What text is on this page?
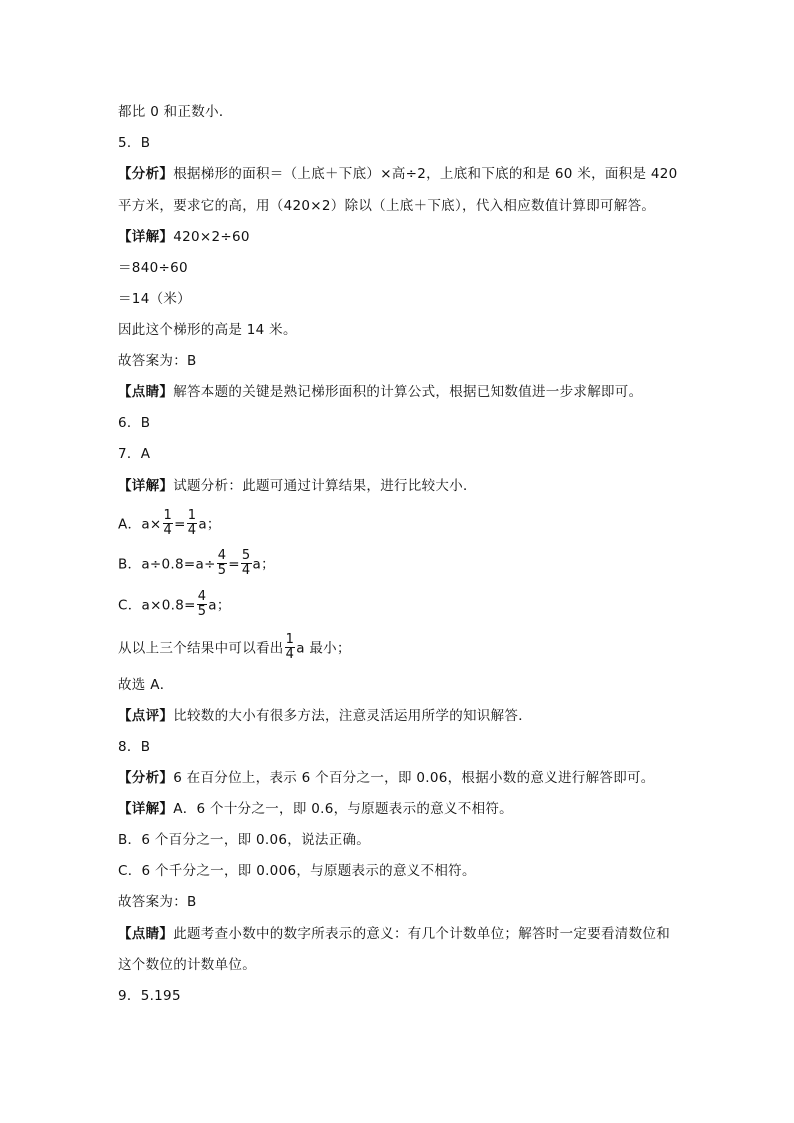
都比 0 和正数小．
5．B
【分析】根据梯形的面积＝（上底＋下底）×高÷2，上底和下底的和是 60 米，面积是 420
平方米，要求它的高，用（420×2）除以（上底＋下底），代入相应数值计算即可解答。
【详解】420×2÷60
＝840÷60
＝14（米）
因此这个梯形的高是 14 米。
故答案为：B
【点睛】解答本题的关键是熟记梯形面积的计算公式，根据已知数值进一步求解即可。
6．B
7．A
【详解】试题分析：此题可通过计算结果，进行比较大小．
A．$a\times \frac{1}{4} = \frac{1}{4}$ a；
B．$a\div 0.8=a\div \frac{4}{5} = \frac{5}{4}$ a；
C．$a\times 0.8= \frac{4}{5}$ a；
从以上三个结果中可以看出 $\frac{1}{4}$ a 最小；
故选 A．
【点评】比较数的大小有很多方法，注意灵活运用所学的知识解答．
8．B
【分析】6 在百分位上，表示 6 个百分之一，即 0.06，根据小数的意义进行解答即可。
【详解】A．6 个十分之一，即 0.6，与原题表示的意义不相符。
B．6 个百分之一，即 0.06，说法正确。
C．6 个千分之一，即 0.006，与原题表示的意义不相符。
故答案为：B
【点睛】此题考查小数中的数字所表示的意义：有几个计数单位；解答时一定要看清数位和
这个数位的计数单位。
9．5.195
